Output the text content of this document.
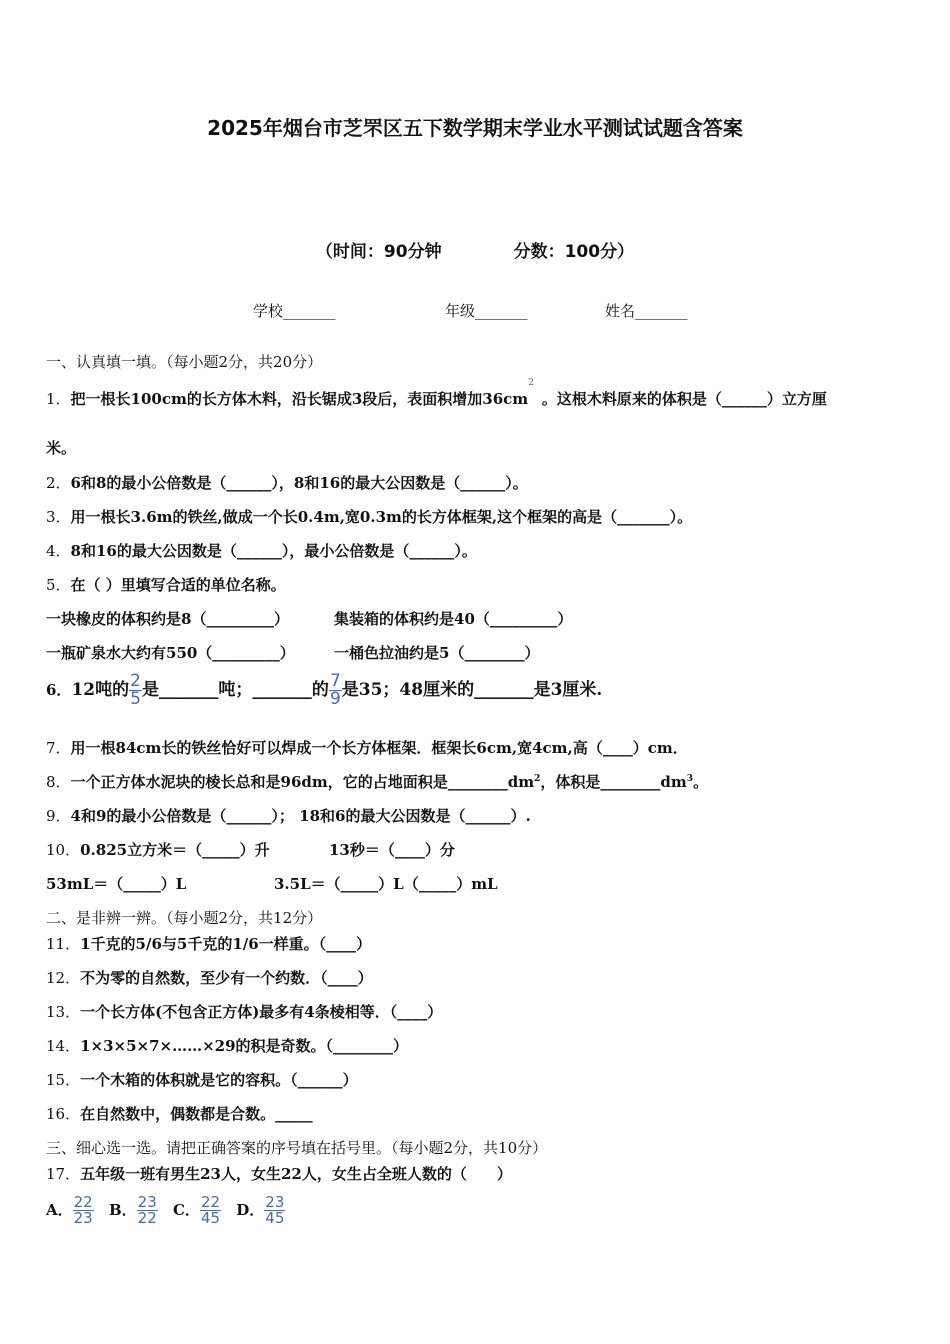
2025年烟台市芝罘区五下数学期末学业水平测试试题含答案
（时间：90分钟	分数：100分）
学校_______	年级_______	姓名_______
一、认真填一填。（每小题2分，共20分）
1．把一根长100cm的长方体木料，沿长锯成3段后，表面积增加$36cm^2$。这根木料原来的体积是（______）立方厘
米。
2．6和8的最小公倍数是（______），8和16的最大公因数是（______）。
3．用一根长3.6m的铁丝,做成一个长0.4m,宽0.3m的长方体框架,这个框架的高是（_______）。
4．8和16的最大公因数是（______），最小公倍数是（______）。
5．在（ ）里填写合适的单位名称。
一块橡皮的体积约是8（_________）	集装箱的体积约是40（_________）
一瓶矿泉水大约有550（_________）	一桶色拉油约是5（________）
6．12吨的 $\frac{2}{5}$ 是_______吨；_______的 $\frac{7}{9}$ 是35；48厘米的_______是3厘米.
7．用一根84cm长的铁丝恰好可以焊成一个长方体框架．框架长6cm,宽4cm,高（____）cm．
8．一个正方体水泥块的棱长总和是96dm，它的占地面积是$\_\_\_\_\_\_\_\_dm^2$，体积是$\_\_\_\_\_\_\_\_dm^3$。
9．4和9的最小公倍数是（______）； 18和6的最大公因数是（______）.
10．0.825立方米＝（_____）升	13秒＝（____）分
53mL＝（_____）L	3.5L＝（_____）L（_____）mL
二、是非辨一辨。（每小题2分，共12分）
11．1千克的5/6与5千克的1/6一样重。（____）
12．不为零的自然数，至少有一个约数．（____）
13．一个长方体(不包含正方体)最多有4条棱相等．（____）
14．1×3×5×7×……×29的积是奇数。（________）
15．一个木箱的体积就是它的容积。（______）
16．在自然数中，偶数都是合数。_____
三、细心选一选。请把正确答案的序号填在括号里。（每小题2分，共10分）
17．五年级一班有男生23人，女生22人，女生占全班人数的（　　）
A． $\frac{22}{23}$ B． $\frac{23}{22}$ C． $\frac{22}{45}$ D． $\frac{23}{45}$
